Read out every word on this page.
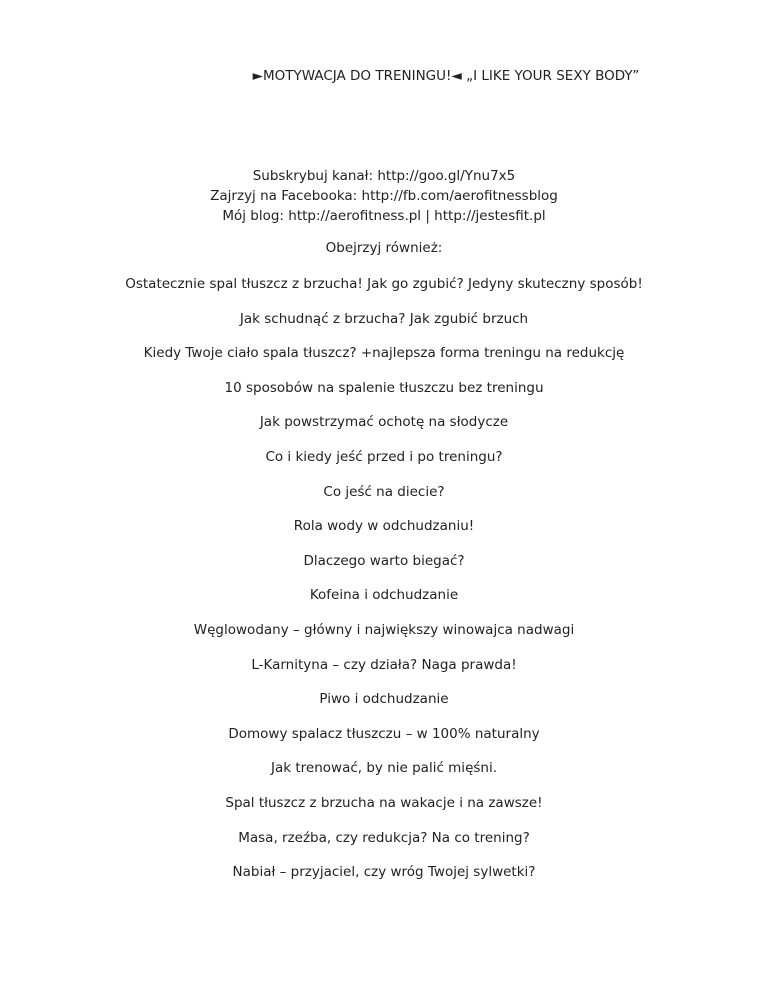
►MOTYWACJA DO TRENINGU!◄ „I LIKE YOUR SEXY BODY”
Subskrybuj kanał: http://goo.gl/Ynu7x5
Zajrzyj na Facebooka: http://fb.com/aerofitnessblog
Mój blog: http://aerofitness.pl | http://jestesfit.pl
Obejrzyj również:
Ostatecznie spal tłuszcz z brzucha! Jak go zgubić? Jedyny skuteczny sposób!
Jak schudnąć z brzucha? Jak zgubić brzuch
Kiedy Twoje ciało spala tłuszcz? +najlepsza forma treningu na redukcję
10 sposobów na spalenie tłuszczu bez treningu
Jak powstrzymać ochotę na słodycze
Co i kiedy jeść przed i po treningu?
Co jeść na diecie?
Rola wody w odchudzaniu!
Dlaczego warto biegać?
Kofeina i odchudzanie
Węglowodany – główny i największy winowajca nadwagi
L-Karnityna – czy działa? Naga prawda!
Piwo i odchudzanie
Domowy spalacz tłuszczu – w 100% naturalny
Jak trenować, by nie palić mięśni.
Spal tłuszcz z brzucha na wakacje i na zawsze!
Masa, rzeźba, czy redukcja? Na co trening?
Nabiał – przyjaciel, czy wróg Twojej sylwetki?
